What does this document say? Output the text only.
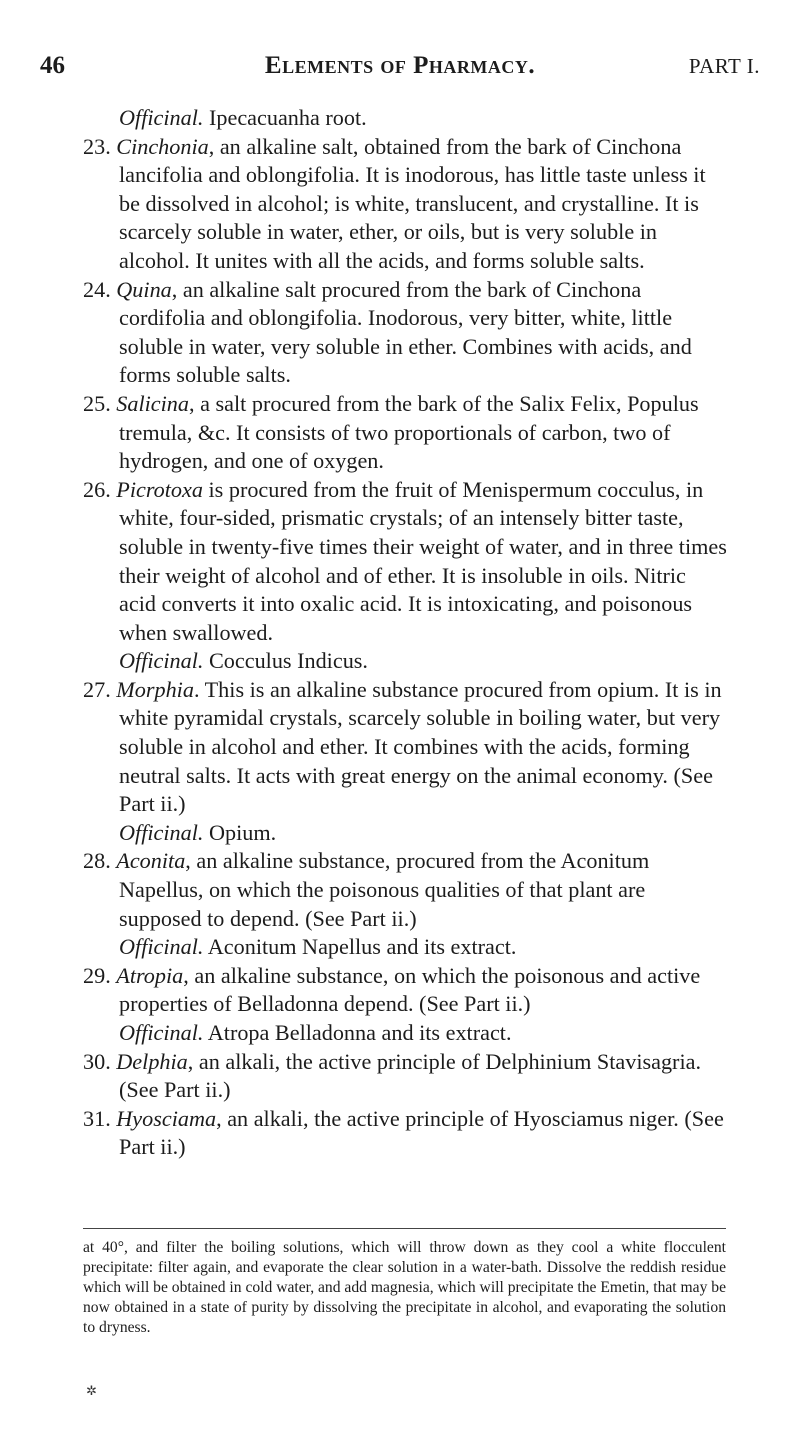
46	Elements of Pharmacy.	PART I.

Officinal. Ipecacuanha root.

23. Cinchonia, an alkaline salt, obtained from the bark of Cinchona lancifolia and oblongifolia. It is inodorous, has little taste unless it be dissolved in alcohol; is white, translucent, and crystalline. It is scarcely soluble in water, ether, or oils, but is very soluble in alcohol. It unites with all the acids, and forms soluble salts.

24. Quina, an alkaline salt procured from the bark of Cinchona cordifolia and oblongifolia. Inodorous, very bitter, white, little soluble in water, very soluble in ether. Combines with acids, and forms soluble salts.

25. Salicina, a salt procured from the bark of the Salix Felix, Populus tremula, &c. It consists of two proportionals of carbon, two of hydrogen, and one of oxygen.

26. Picrotoxa is procured from the fruit of Menispermum cocculus, in white, four-sided, prismatic crystals; of an intensely bitter taste, soluble in twenty-five times their weight of water, and in three times their weight of alcohol and of ether. It is insoluble in oils. Nitric acid converts it into oxalic acid. It is intoxicating, and poisonous when swallowed.

Officinal. Cocculus Indicus.

27. Morphia. This is an alkaline substance procured from opium. It is in white pyramidal crystals, scarcely soluble in boiling water, but very soluble in alcohol and ether. It combines with the acids, forming neutral salts. It acts with great energy on the animal economy. (See Part ii.)

Officinal. Opium.

28. Aconita, an alkaline substance, procured from the Aconitum Napellus, on which the poisonous qualities of that plant are supposed to depend. (See Part ii.)

Officinal. Aconitum Napellus and its extract.

29. Atropia, an alkaline substance, on which the poisonous and active properties of Belladonna depend. (See Part ii.)

Officinal. Atropa Belladonna and its extract.

30. Delphia, an alkali, the active principle of Delphinium Stavisagria. (See Part ii.)

31. Hyosciama, an alkali, the active principle of Hyosciamus niger. (See Part ii.)

at 40°, and filter the boiling solutions, which will throw down as they cool a white flocculent precipitate: filter again, and evaporate the clear solution in a water-bath. Dissolve the reddish residue which will be obtained in cold water, and add magnesia, which will precipitate the Emetin, that may be now obtained in a state of purity by dissolving the precipitate in alcohol, and evaporating the solution to dryness.
✲
